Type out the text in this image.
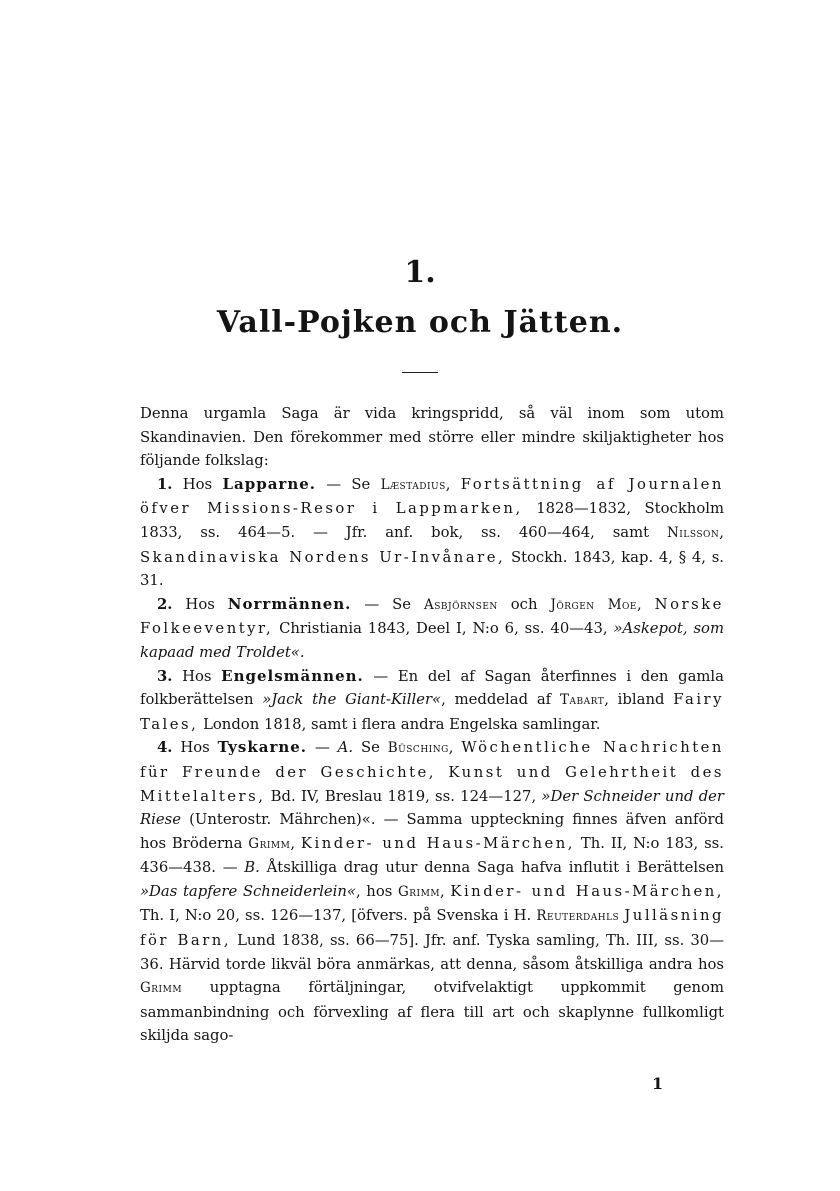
1.
Vall-Pojken och Jätten.

Denna urgamla Saga är vida kringspridd, så väl inom som utom Skandinavien. Den förekommer med större eller mindre skiljaktigheter hos följande folkslag:

1. Hos Lapparne. — Se Læstadius, Fortsättning af Journalen öfver Missions-Resor i Lappmarken, 1828—1832, Stockholm 1833, ss. 464—5. — Jfr. anf. bok, ss. 460—464, samt Nilsson, Skandinaviska Nordens Ur-Invånare, Stockh. 1843, kap. 4, § 4, s. 31.

2. Hos Norrmännen. — Se Asbjörnsen och Jörgen Moe, Norske Folkeeventyr, Christiania 1843, Deel I, N:o 6, ss. 40—43, »Askepot, som kapaad med Troldet«.

3. Hos Engelsmännen. — En del af Sagan återfinnes i den gamla folkberättelsen »Jack the Giant-Killer«, meddelad af Tabart, ibland Fairy Tales, London 1818, samt i flera andra Engelska samlingar.

4. Hos Tyskarne. — A. Se Büsching, Wöchentliche Nachrichten für Freunde der Geschichte, Kunst und Gelehrtheit des Mittelalters, Bd. IV, Breslau 1819, ss. 124—127, »Der Schneider und der Riese (Unterostr. Mährchen)«. — Samma uppteckning finnes äfven anförd hos Bröderna Grimm, Kinder- und Haus-Märchen, Th. II, N:o 183, ss. 436—438. — B. Åtskilliga drag utur denna Saga hafva influtit i Berättelsen »Das tapfere Schneiderlein«, hos Grimm, Kinder- und Haus-Märchen, Th. I, N:o 20, ss. 126—137, [öfvers. på Svenska i H. Reuterdahls Julläsning för Barn, Lund 1838, ss. 66—75]. Jfr. anf. Tyska samling, Th. III, ss. 30—36. Härvid torde likväl böra anmärkas, att denna, såsom åtskilliga andra hos Grimm upptagna förtäljningar, otvifvelaktigt uppkommit genom sammanbindning och förvexling af flera till art och skaplynne fullkomligt skiljda sago-

1
